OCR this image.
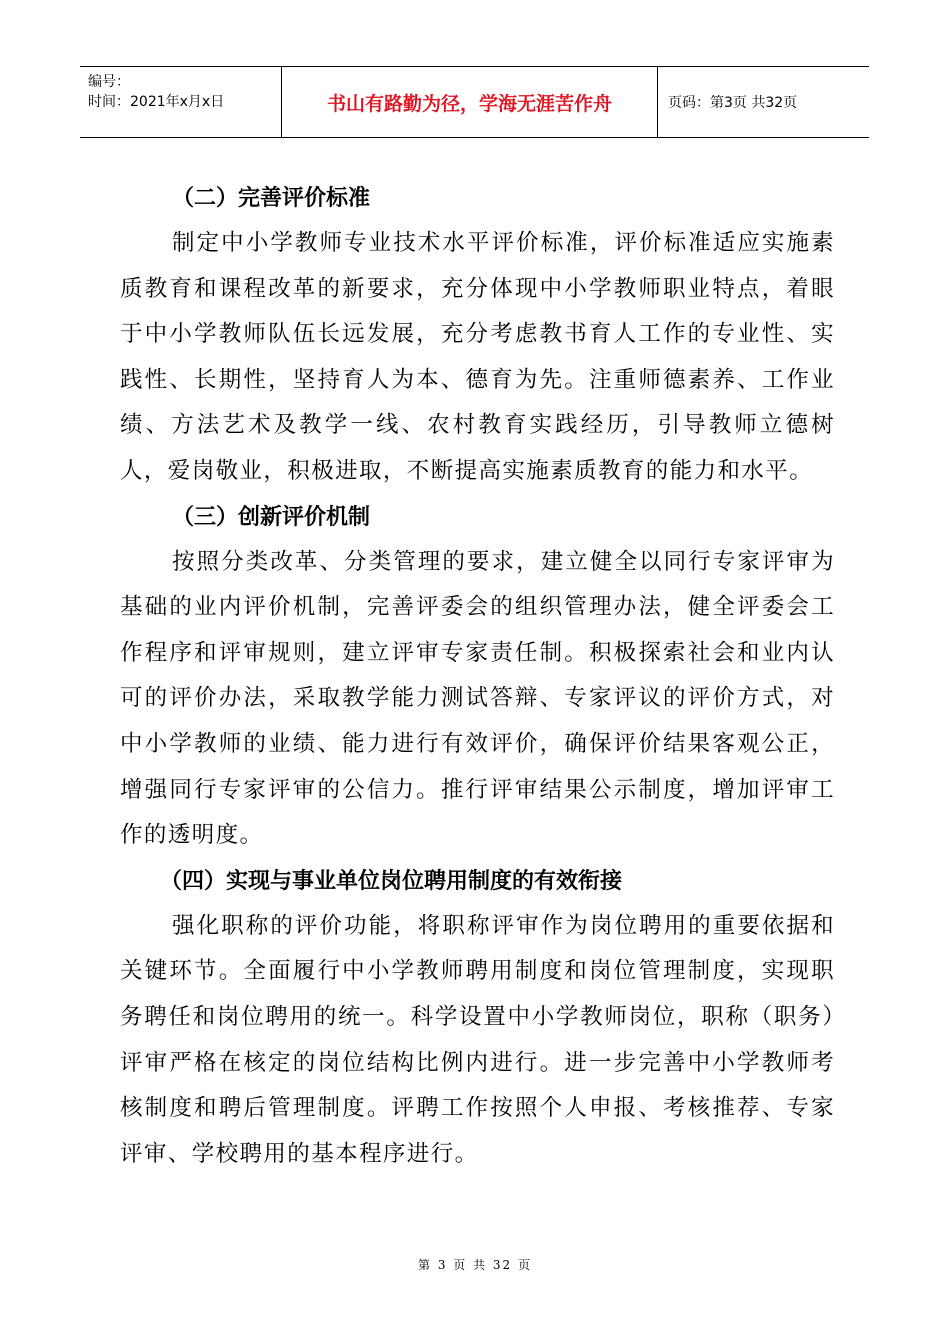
编号：
时间：2021年x月x日	书山有路勤为径，学海无涯苦作舟	页码：第3页 共32页
（二）完善评价标准

制定中小学教师专业技术水平评价标准，评价标准适应实施素质教育和课程改革的新要求，充分体现中小学教师职业特点，着眼于中小学教师队伍长远发展，充分考虑教书育人工作的专业性、实践性、长期性，坚持育人为本、德育为先。注重师德素养、工作业绩、方法艺术及教学一线、农村教育实践经历，引导教师立德树人，爱岗敬业，积极进取，不断提高实施素质教育的能力和水平。

（三）创新评价机制

按照分类改革、分类管理的要求，建立健全以同行专家评审为基础的业内评价机制，完善评委会的组织管理办法，健全评委会工作程序和评审规则，建立评审专家责任制。积极探索社会和业内认可的评价办法，采取教学能力测试答辩、专家评议的评价方式，对中小学教师的业绩、能力进行有效评价，确保评价结果客观公正，增强同行专家评审的公信力。推行评审结果公示制度，增加评审工作的透明度。

（四）实现与事业单位岗位聘用制度的有效衔接

强化职称的评价功能，将职称评审作为岗位聘用的重要依据和关键环节。全面履行中小学教师聘用制度和岗位管理制度，实现职务聘任和岗位聘用的统一。科学设置中小学教师岗位，职称（职务）评审严格在核定的岗位结构比例内进行。进一步完善中小学教师考核制度和聘后管理制度。评聘工作按照个人申报、考核推荐、专家评审、学校聘用的基本程序进行。

第 3 页 共 32 页
